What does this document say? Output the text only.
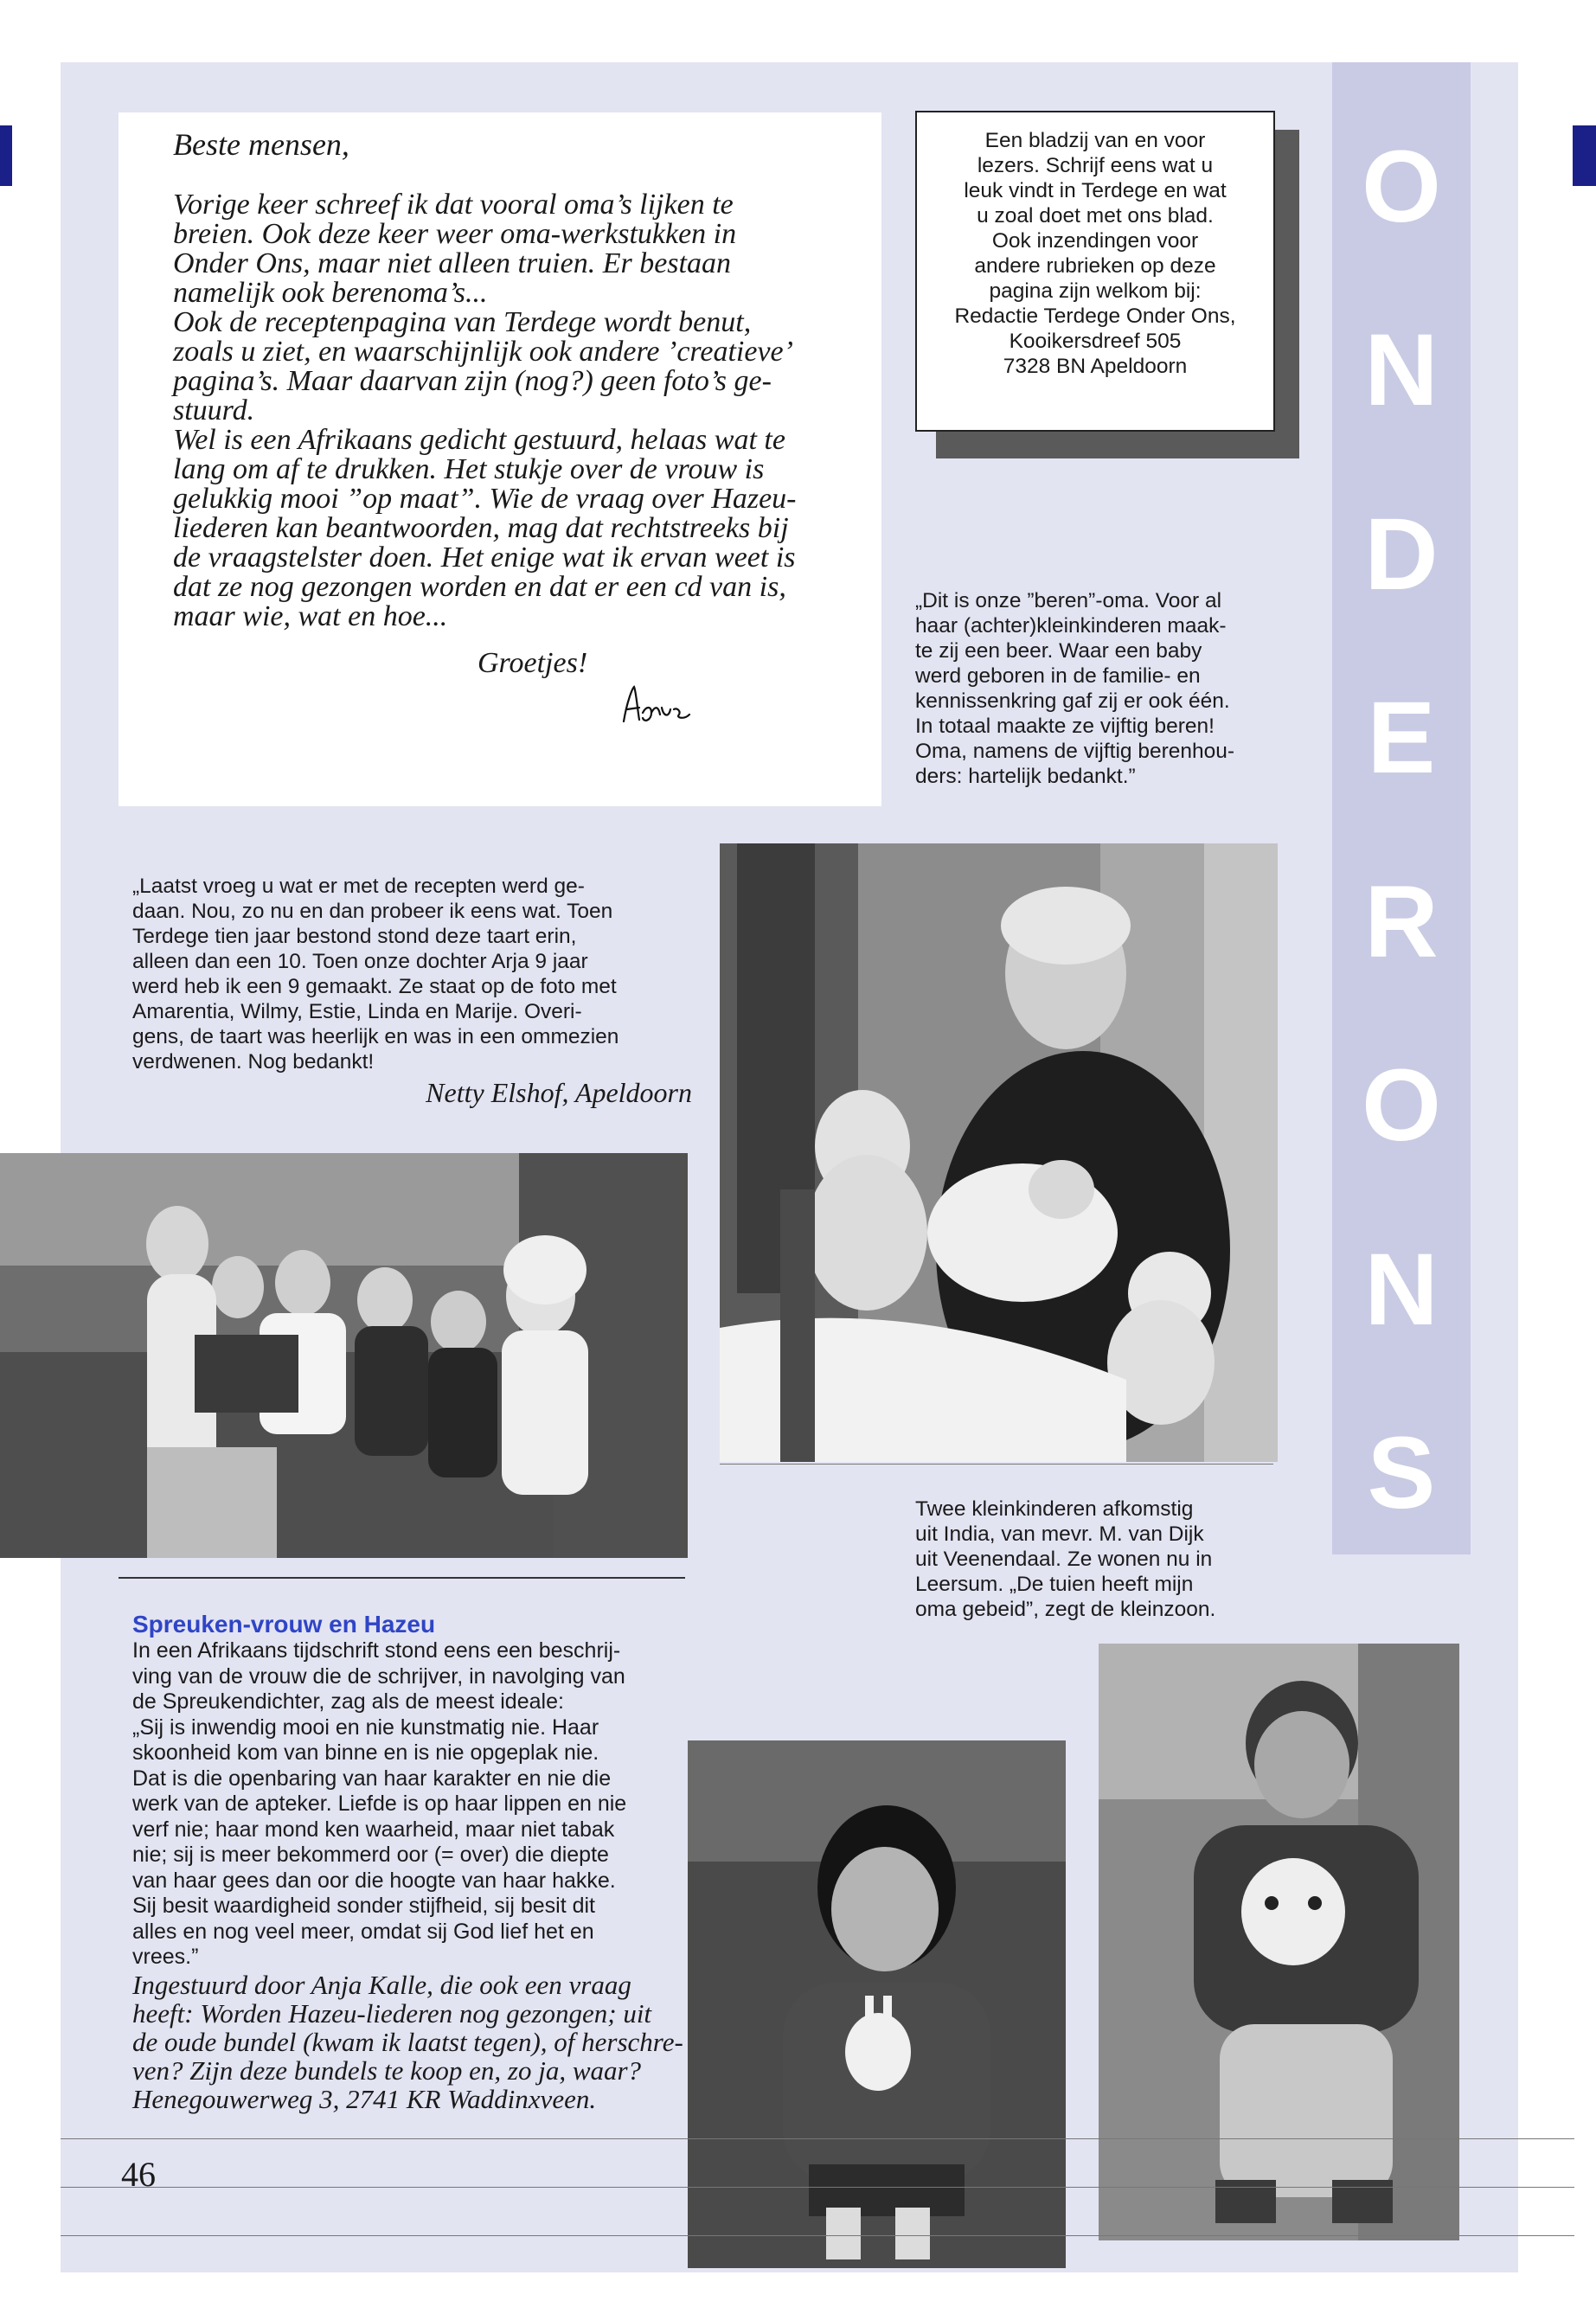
O
N
D
E
R
O
N
S

Beste mensen,

Vorige keer schreef ik dat vooral oma’s lijken te

breien. Ook deze keer weer oma-werkstukken in

Onder Ons, maar niet alleen truien. Er bestaan

namelijk ook berenoma’s...

Ook de receptenpagina van Terdege wordt benut,

zoals u ziet, en waarschijnlijk ook andere ’creatieve’

pagina’s. Maar daarvan zijn (nog?) geen foto’s ge-

stuurd.

Wel is een Afrikaans gedicht gestuurd, helaas wat te

lang om af te drukken. Het stukje over de vrouw is

gelukkig mooi ”op maat”. Wie de vraag over Hazeu-

liederen kan beantwoorden, mag dat rechtstreeks bij

de vraagstelster doen. Het enige wat ik ervan weet is

dat ze nog gezongen worden en dat er een cd van is,

maar wie, wat en hoe...

Groetjes!
Een bladzij van en voor
lezers. Schrijf eens wat u
leuk vindt in Terdege en wat
u zoal doet met ons blad.
Ook inzendingen voor
andere rubrieken op deze
pagina zijn welkom bij:
Redactie Terdege Onder Ons,
Kooikersdreef 505
7328 BN Apeldoorn
„Dit is onze ”beren”-oma. Voor al
haar (achter)kleinkinderen maak-
te zij een beer. Waar een baby
werd geboren in de familie- en
kennissenkring gaf zij er ook één.
In totaal maakte ze vijftig beren!
Oma, namens de vijftig berenhou-
ders: hartelijk bedankt.”
„Laatst vroeg u wat er met de recepten werd ge-
daan. Nou, zo nu en dan probeer ik eens wat. Toen
Terdege tien jaar bestond stond deze taart erin,
alleen dan een 10. Toen onze dochter Arja 9 jaar
werd heb ik een 9 gemaakt. Ze staat op de foto met
Amarentia, Wilmy, Estie, Linda en Marije. Overi-
gens, de taart was heerlijk en was in een ommezien
verdwenen. Nog bedankt!
Netty Elshof, Apeldoorn
Twee kleinkinderen afkomstig
uit India, van mevr. M. van Dijk
uit Veenendaal. Ze wonen nu in
Leersum. „De tuien heeft mijn
oma gebeid”, zegt de kleinzoon.
Spreuken-vrouw en Hazeu
In een Afrikaans tijdschrift stond eens een beschrij-
ving van de vrouw die de schrijver, in navolging van
de Spreukendichter, zag als de meest ideale:
„Sij is inwendig mooi en nie kunstmatig nie. Haar
skoonheid kom van binne en is nie opgeplak nie.
Dat is die openbaring van haar karakter en nie die
werk van de apteker. Liefde is op haar lippen en nie
verf nie; haar mond ken waarheid, maar niet tabak
nie; sij is meer bekommerd oor (= over) die diepte
van haar gees dan oor die hoogte van haar hakke.
Sij besit waardigheid sonder stijfheid, sij besit dit
alles en nog veel meer, omdat sij God lief het en
vrees.”
Ingestuurd door Anja Kalle, die ook een vraag
heeft: Worden Hazeu-liederen nog gezongen; uit
de oude bundel (kwam ik laatst tegen), of herschre-
ven? Zijn deze bundels te koop en, zo ja, waar?
Henegouwerweg 3, 2741 KR Waddinxveen.
46
